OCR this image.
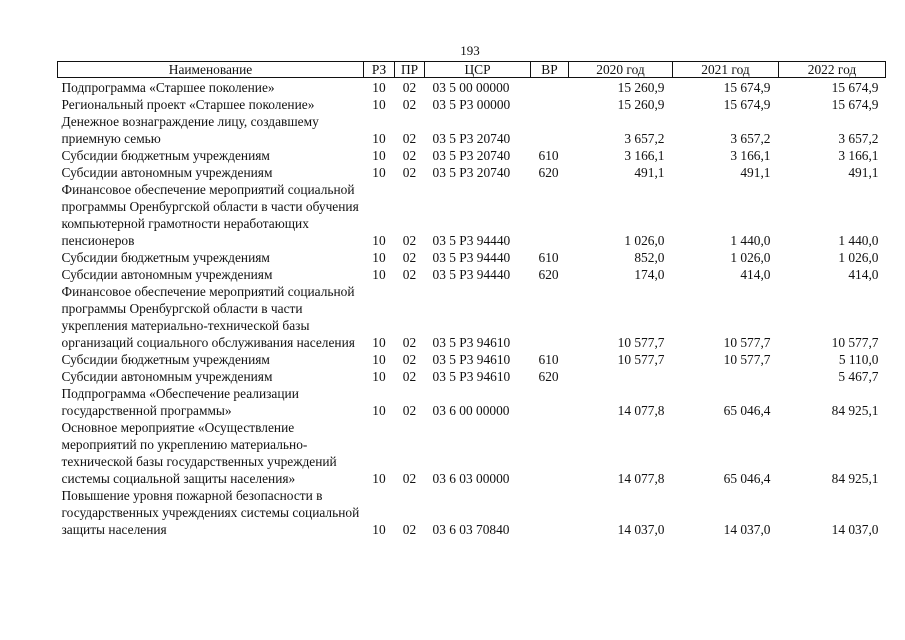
193
Наименование	РЗ	ПР	ЦСР	ВР	2020 год	2021 год	2022 год
Подпрограмма «Старшее поколение»	10	02	03 5 00 00000		15 260,9	15 674,9	15 674,9
Региональный проект «Старшее поколение»	10	02	03 5 Р3 00000		15 260,9	15 674,9	15 674,9
Денежное вознаграждение лицу, создавшему приемную семью	10	02	03 5 Р3 20740		3 657,2	3 657,2	3 657,2
Субсидии бюджетным учреждениям	10	02	03 5 Р3 20740	610	3 166,1	3 166,1	3 166,1
Субсидии автономным учреждениям	10	02	03 5 Р3 20740	620	491,1	491,1	491,1
Финансовое обеспечение мероприятий социальной программы Оренбургской области в части обучения компьютерной грамотности неработающих пенсионеров	10	02	03 5 Р3 94440		1 026,0	1 440,0	1 440,0
Субсидии бюджетным учреждениям	10	02	03 5 Р3 94440	610	852,0	1 026,0	1 026,0
Субсидии автономным учреждениям	10	02	03 5 Р3 94440	620	174,0	414,0	414,0
Финансовое обеспечение мероприятий социальной программы Оренбургской области в части укрепления материально-технической базы организаций социального обслуживания населения	10	02	03 5 Р3 94610		10 577,7	10 577,7	10 577,7
Субсидии бюджетным учреждениям	10	02	03 5 Р3 94610	610	10 577,7	10 577,7	5 110,0
Субсидии автономным учреждениям	10	02	03 5 Р3 94610	620			5 467,7
Подпрограмма «Обеспечение реализации государственной программы»	10	02	03 6 00 00000		14 077,8	65 046,4	84 925,1
Основное мероприятие «Осуществление мероприятий по укреплению материально-технической базы государственных учреждений системы социальной защиты населения»	10	02	03 6 03 00000		14 077,8	65 046,4	84 925,1
Повышение уровня пожарной безопасности в государственных учреждениях системы социальной защиты населения	10	02	03 6 03 70840		14 037,0	14 037,0	14 037,0
